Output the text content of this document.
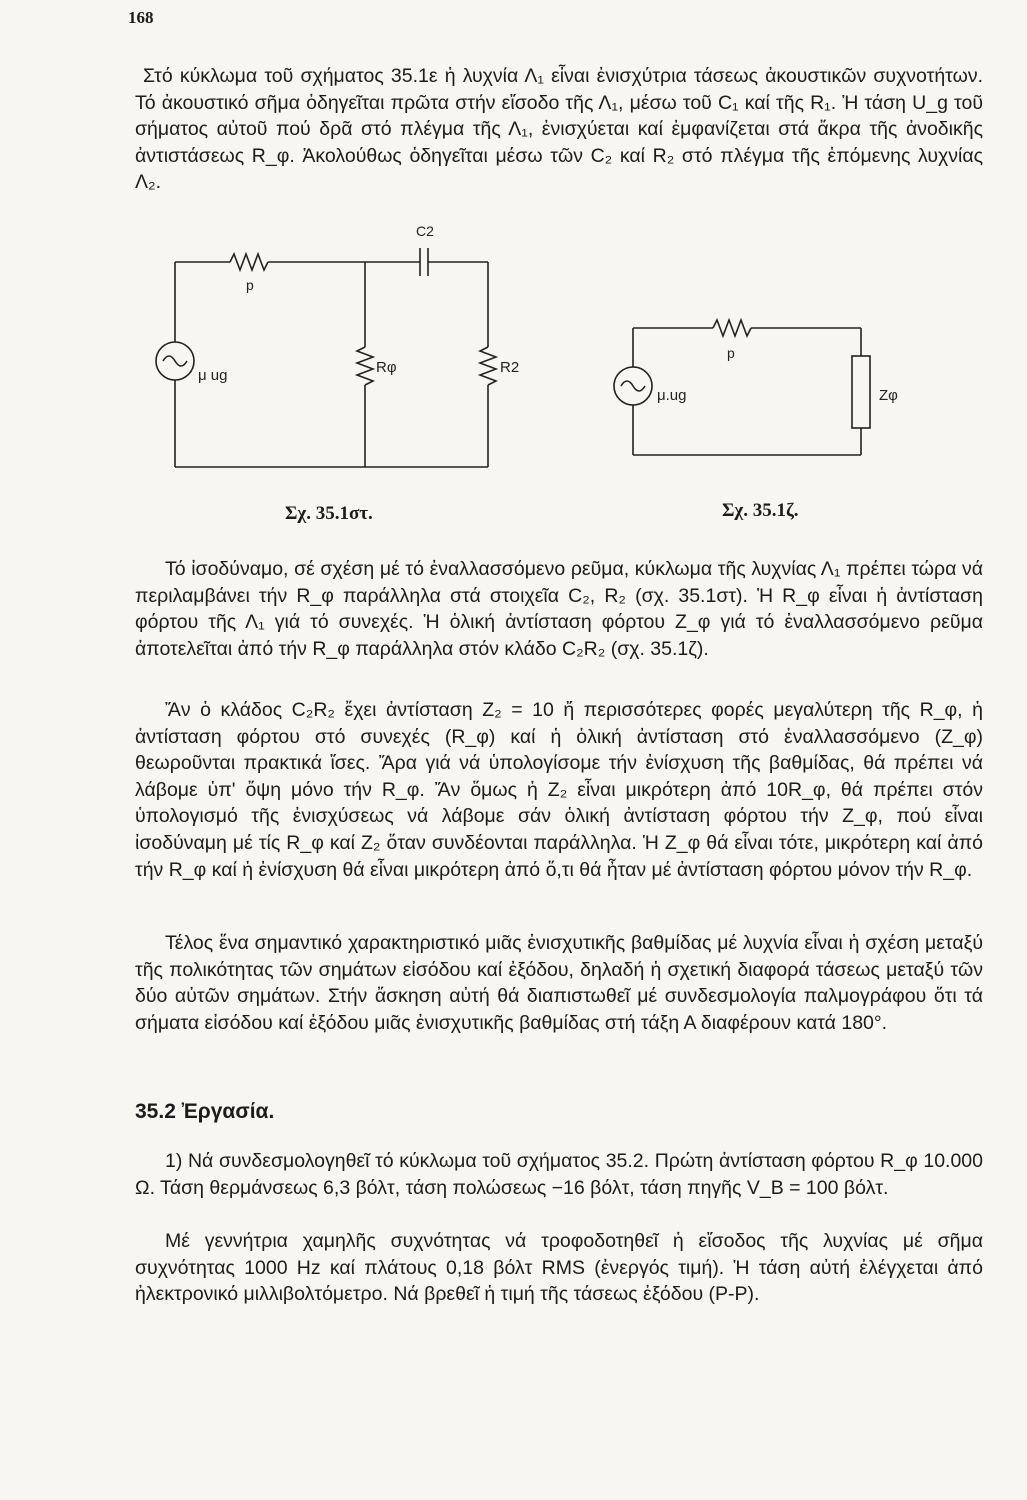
168

Στό κύκλωμα τοῦ σχήματος 35.1ε ἡ λυχνία Λ₁ εἶναι ἐνισχύτρια τάσεως ἀκουστικῶν συχνοτήτων. Τό ἀκουστικό σῆμα ὁδηγεῖται πρῶτα στήν εἴσοδο τῆς Λ₁, μέσω τοῦ C₁ καί τῆς R₁. Ἡ τάση U_g τοῦ σήματος αὐτοῦ πού δρᾶ στό πλέγμα τῆς Λ₁, ἐνισχύεται καί ἐμφανίζεται στά ἄκρα τῆς ἀνοδικῆς ἀντιστάσεως R_φ. Ἀκολούθως ὁδηγεῖται μέσω τῶν C₂ καί R₂ στό πλέγμα τῆς ἑπόμενης λυχνίας Λ₂.

p
C2
μ ug	Rφ	R2
p
μ.ug	Zφ
Σχ. 35.1στ.	Σχ. 35.1ζ.

Τό ἰσοδύναμο, σέ σχέση μέ τό ἐναλλασσόμενο ρεῦμα, κύκλωμα τῆς λυχνίας Λ₁ πρέπει τώρα νά περιλαμβάνει τήν R_φ παράλληλα στά στοιχεῖα C₂, R₂ (σχ. 35.1στ). Ἡ R_φ εἶναι ἡ ἀντίσταση φόρτου τῆς Λ₁ γιά τό συνεχές. Ἡ ὁλική ἀντίσταση φόρτου Z_φ γιά τό ἐναλλασσόμενο ρεῦμα ἀποτελεῖται ἀπό τήν R_φ παράλληλα στόν κλάδο C₂R₂ (σχ. 35.1ζ).

Ἄν ὁ κλάδος C₂R₂ ἔχει ἀντίσταση Z₂ = 10 ἤ περισσότερες φορές μεγαλύτερη τῆς R_φ, ἡ ἀντίσταση φόρτου στό συνεχές (R_φ) καί ἡ ὁλική ἀντίσταση στό ἐναλλασσόμενο (Z_φ) θεωροῦνται πρακτικά ἴσες. Ἄρα γιά νά ὑπολογίσομε τήν ἐνίσχυση τῆς βαθμίδας, θά πρέπει νά λάβομε ὑπ' ὄψη μόνο τήν R_φ. Ἄν ὅμως ἡ Z₂ εἶναι μικρότερη ἀπό 10R_φ, θά πρέπει στόν ὑπολογισμό τῆς ἐνισχύσεως νά λάβομε σάν ὁλική ἀντίσταση φόρτου τήν Z_φ, πού εἶναι ἰσοδύναμη μέ τίς R_φ καί Z₂ ὅταν συνδέονται παράλληλα. Ἡ Z_φ θά εἶναι τότε, μικρότερη καί ἀπό τήν R_φ καί ἡ ἐνίσχυση θά εἶναι μικρότερη ἀπό ὅ,τι θά ἦταν μέ ἀντίσταση φόρτου μόνον τήν R_φ.

Τέλος ἕνα σημαντικό χαρακτηριστικό μιᾶς ἐνισχυτικῆς βαθμίδας μέ λυχνία εἶναι ἡ σχέση μεταξύ τῆς πολικότητας τῶν σημάτων εἰσόδου καί ἐξόδου, δηλαδή ἡ σχετική διαφορά τάσεως μεταξύ τῶν δύο αὐτῶν σημάτων. Στήν ἄσκηση αὐτή θά διαπιστωθεῖ μέ συνδεσμολογία παλμογράφου ὅτι τά σήματα εἰσόδου καί ἐξόδου μιᾶς ἐνισχυτικῆς βαθμίδας στή τάξη Α διαφέρουν κατά 180°.

35.2 Ἐργασία.

1) Νά συνδεσμολογηθεῖ τό κύκλωμα τοῦ σχήματος 35.2. Πρώτη ἀντίσταση φόρτου R_φ 10.000 Ω. Τάση θερμάνσεως 6,3 βόλτ, τάση πολώσεως −16 βόλτ, τάση πηγῆς V_B = 100 βόλτ.

Μέ γεννήτρια χαμηλῆς συχνότητας νά τροφοδοτηθεῖ ἡ εἴσοδος τῆς λυχνίας μέ σῆμα συχνότητας 1000 Hz καί πλάτους 0,18 βόλτ RMS (ἐνεργός τιμή). Ἡ τάση αὐτή ἐλέγχεται ἀπό ἠλεκτρονικό μιλλιβολτόμετρο. Νά βρεθεῖ ἡ τιμή τῆς τάσεως ἐξόδου (P-P).
